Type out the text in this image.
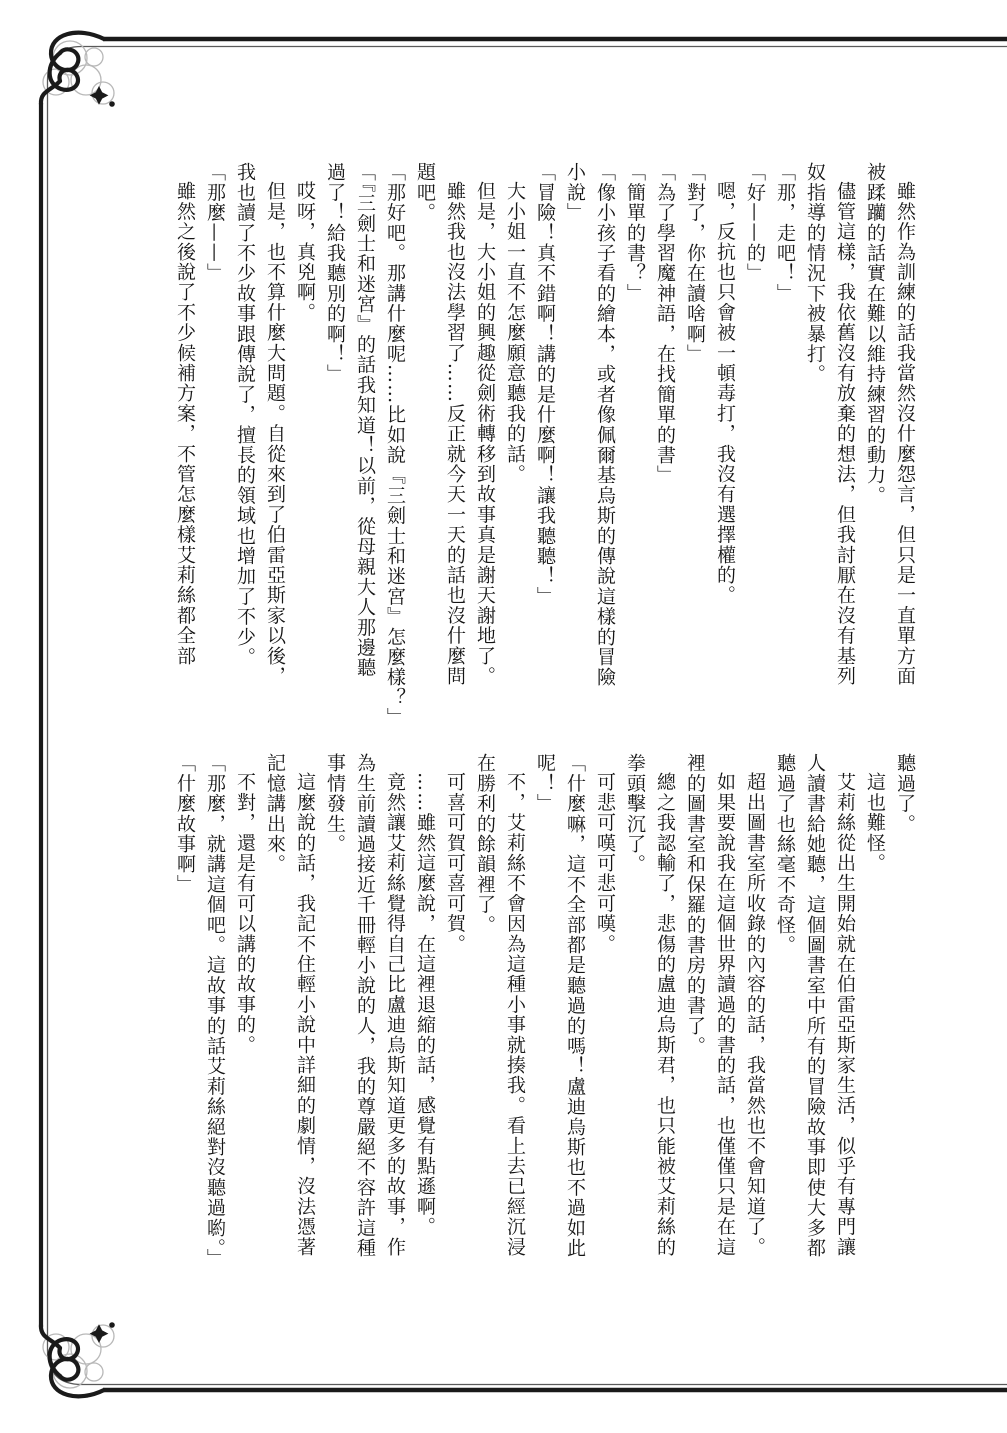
雖然作為訓練的話我當然沒什麼怨言，但只是一直單方面

被蹂躪的話實在難以維持練習的動力。

儘管這樣，我依舊沒有放棄的想法，但我討厭在沒有基列

奴指導的情況下被暴打。

「那，走吧！」

「好——的」

嗯，反抗也只會被一頓毒打，我沒有選擇權的。

「對了，你在讀啥啊」

「為了學習魔神語，在找簡單的書」

「簡單的書？」

「像小孩子看的繪本，或者像佩爾基烏斯的傳說這樣的冒險

小說」

「冒險！真不錯啊！講的是什麼啊！讓我聽聽！」

大小姐一直不怎麼願意聽我的話。

但是，大小姐的興趣從劍術轉移到故事真是謝天謝地了。

雖然我也沒法學習了……反正就今天一天的話也沒什麼問

題吧。

「那好吧。那講什麼呢……比如說『三劍士和迷宮』怎麼樣？」

「『三劍士和迷宮』的話我知道！以前，從母親大人那邊聽

過了！給我聽別的啊！」

哎呀，真兇啊。

但是，也不算什麼大問題。自從來到了伯雷亞斯家以後，

我也讀了不少故事跟傳說了，擅長的領域也增加了不少。

「那麼——」

雖然之後說了不少候補方案，不管怎麼樣艾莉絲都全部

聽過了。

這也難怪。

艾莉絲從出生開始就在伯雷亞斯家生活，似乎有專門讓

人讀書給她聽，這個圖書室中所有的冒險故事即使大多都

聽過了也絲毫不奇怪。

超出圖書室所收錄的內容的話，我當然也不會知道了。

如果要說我在這個世界讀過的書的話，也僅僅只是在這

裡的圖書室和保羅的書房的書了。

總之我認輸了，悲傷的盧迪烏斯君，也只能被艾莉絲的

拳頭擊沉了。

可悲可嘆可悲可嘆。

「什麼嘛，這不全部都是聽過的嗎！盧迪烏斯也不過如此

呢！」

不，艾莉絲不會因為這種小事就揍我。看上去已經沉浸

在勝利的餘韻裡了。

可喜可賀可喜可賀。

……雖然這麼說，在這裡退縮的話，感覺有點遜啊。

竟然讓艾莉絲覺得自己比盧迪烏斯知道更多的故事，作

為生前讀過接近千冊輕小說的人，我的尊嚴絕不容許這種

事情發生。

這麼說的話，我記不住輕小說中詳細的劇情，沒法憑著

記憶講出來。

不對，還是有可以講的故事的。

「那麼，就講這個吧。這故事的話艾莉絲絕對沒聽過喲。」

「什麼故事啊」
